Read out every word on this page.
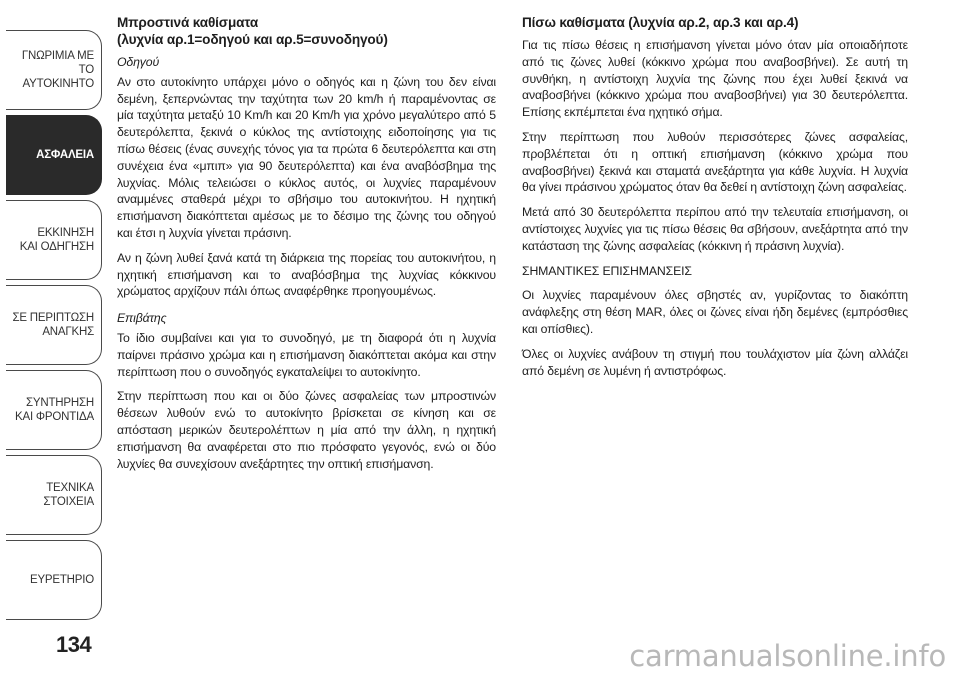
ΓΝΩΡΙΜΙΑ ΜΕ ΤΟ
ΑΥΤΟΚΙΝΗΤΟ
ΑΣΦΑΛΕΙΑ
ΕΚΚΙΝΗΣΗ
ΚΑΙ ΟΔΗΓΗΣΗ
ΣΕ ΠΕΡΙΠΤΩΣΗ
ΑΝΑΓΚΗΣ
ΣΥΝΤΗΡΗΣΗ
ΚΑΙ ΦΡΟΝΤΙΔΑ
ΤΕΧΝΙΚΑ
ΣΤΟΙΧΕΙΑ
ΕΥΡΕΤΗΡΙΟ
134
Μπροστινά καθίσματα
(λυχνία αρ.1=οδηγού και αρ.5=συνοδηγού)
Οδηγού

Αν στο αυτοκίνητο υπάρχει μόνο ο οδηγός και η ζώνη του δεν είναι δεμένη, ξεπερνώντας την ταχύτητα των 20 km/h ή παραμένοντας σε μία ταχύτητα μεταξύ 10 Km/h και 20 Km/h για χρόνο μεγαλύτερο από 5 δευτερόλεπτα, ξεκινά ο κύκλος της αντίστοιχης ειδοποίησης για τις πίσω θέσεις (ένας συνεχής τόνος για τα πρώτα 6 δευτερόλεπτα και στη συνέχεια ένα «μπιπ» για 90 δευτερόλεπτα) και ένα αναβόσβημα της λυχνίας. Μόλις τελειώσει ο κύκλος αυτός, οι λυχνίες παραμένουν αναμμένες σταθερά μέχρι το σβήσιμο του αυτοκινήτου. Η ηχητική επισήμανση διακόπτεται αμέσως με το δέσιμο της ζώνης του οδηγού και έτσι η λυχνία γίνεται πράσινη.

Αν η ζώνη λυθεί ξανά κατά τη διάρκεια της πορείας του αυτοκινήτου, η ηχητική επισήμανση και το αναβόσβημα της λυχνίας κόκκινου χρώματος αρχίζουν πάλι όπως αναφέρθηκε προηγουμένως.

Επιβάτης

Το ίδιο συμβαίνει και για το συνοδηγό, με τη διαφορά ότι η λυχνία παίρνει πράσινο χρώμα και η επισήμανση διακόπτεται ακόμα και στην περίπτωση που ο συνοδηγός εγκαταλείψει το αυτοκίνητο.

Στην περίπτωση που και οι δύο ζώνες ασφαλείας των μπροστινών θέσεων λυθούν ενώ το αυτοκίνητο βρίσκεται σε κίνηση και σε απόσταση μερικών δευτερολέπτων η μία από την άλλη, η ηχητική επισήμανση θα αναφέρεται στο πιο πρόσφατο γεγονός, ενώ οι δύο λυχνίες θα συνεχίσουν ανεξάρτητες την οπτική επισήμανση.

Πίσω καθίσματα (λυχνία αρ.2, αρ.3 και αρ.4)

Για τις πίσω θέσεις η επισήμανση γίνεται μόνο όταν μία οποιαδήποτε από τις ζώνες λυθεί (κόκκινο χρώμα που αναβοσβήνει). Σε αυτή τη συνθήκη, η αντίστοιχη λυχνία της ζώνης που έχει λυθεί ξεκινά να αναβοσβήνει (κόκκινο χρώμα που αναβοσβήνει) για 30 δευτερόλεπτα. Επίσης εκπέμπεται ένα ηχητικό σήμα.

Στην περίπτωση που λυθούν περισσότερες ζώνες ασφαλείας, προβλέπεται ότι η οπτική επισήμανση (κόκκινο χρώμα που αναβοσβήνει) ξεκινά και σταματά ανεξάρτητα για κάθε λυχνία. Η λυχνία θα γίνει πράσινου χρώματος όταν θα δεθεί η αντίστοιχη ζώνη ασφαλείας.

Μετά από 30 δευτερόλεπτα περίπου από την τελευταία επισήμανση, οι αντίστοιχες λυχνίες για τις πίσω θέσεις θα σβήσουν, ανεξάρτητα από την κατάσταση της ζώνης ασφαλείας (κόκκινη ή πράσινη λυχνία).

ΣΗΜΑΝΤΙΚΕΣ ΕΠΙΣΗΜΑΝΣΕΙΣ

Οι λυχνίες παραμένουν όλες σβηστές αν, γυρίζοντας το διακόπτη ανάφλεξης στη θέση MAR, όλες οι ζώνες είναι ήδη δεμένες (εμπρόσθιες και οπίσθιες).

Όλες οι λυχνίες ανάβουν τη στιγμή που τουλάχιστον μία ζώνη αλλάζει από δεμένη σε λυμένη ή αντιστρόφως.

carmanualsonline.info
